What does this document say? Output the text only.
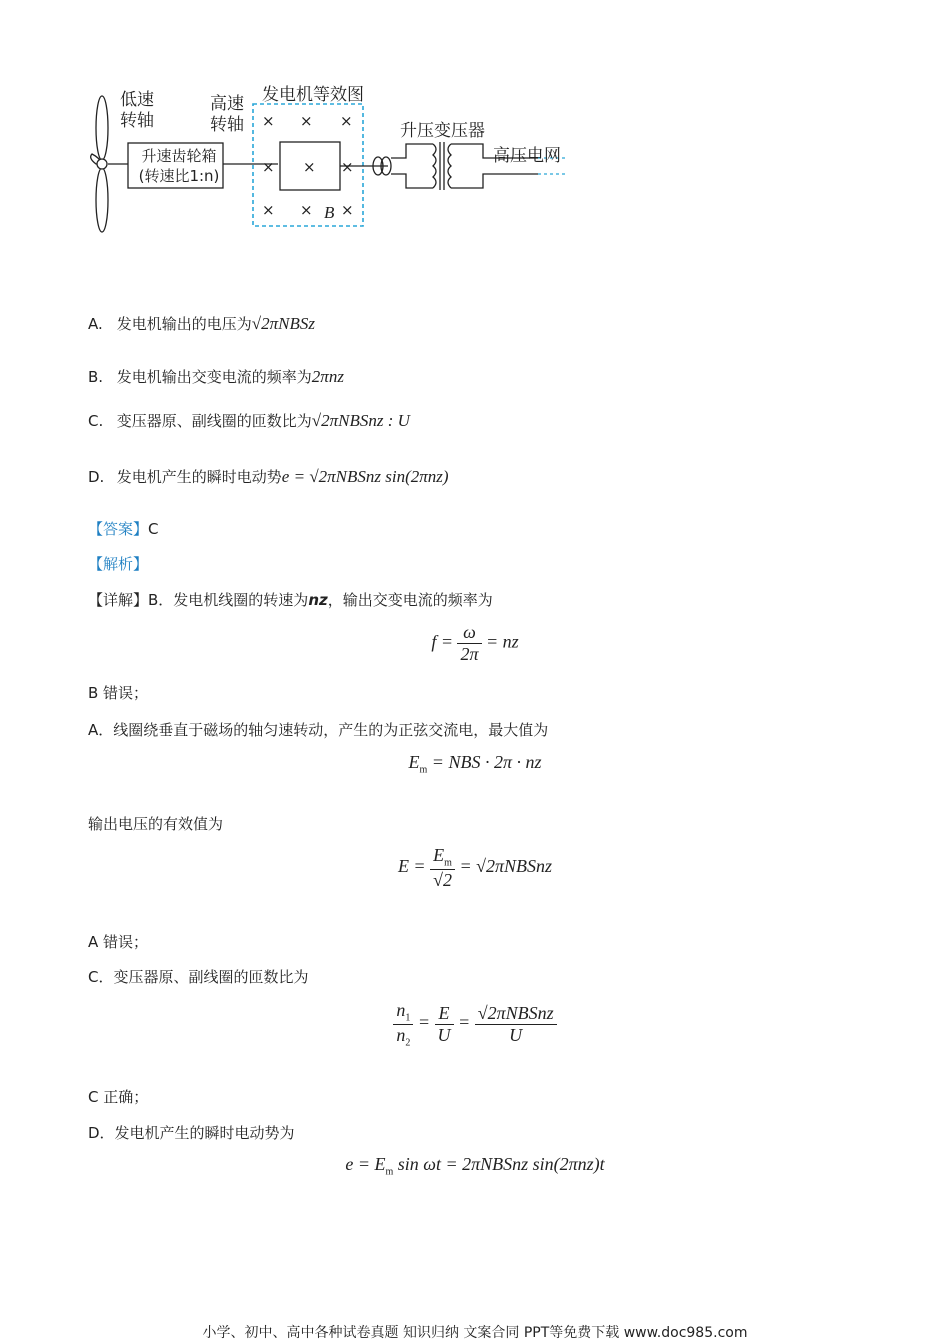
× × ×
× × ×
× × ×
低速
转轴
高速
转轴
升速齿轮箱
(转速比1:n)
发电机等效图
升压变压器
高压电网
B
A. 发电机输出的电压为√2πNBSz
B. 发电机输出交变电流的频率为2πnz
C. 变压器原、副线圈的匝数比为√2πNBSnz : U
D. 发电机产生的瞬时电动势e = √2πNBSnz sin(2πnz)
【答案】C
【解析】
【详解】B．发电机线圈的转速为nz，输出交变电流的频率为
$f = \frac{\omega}{2\pi}$ = nz
B 错误；
A．线圈绕垂直于磁场的轴匀速转动，产生的为正弦交流电，最大值为
$E_m$ = NBS · 2π · nz
输出电压的有效值为
$E = \frac{E_m}{√2}$ = √2πNBSnz
A 错误；
C．变压器原、副线圈的匝数比为
$\frac{n_1}{n_2} = \frac{E}{U} = \frac{\text{√2πNBSnz}}{U}$
C 正确；
D．发电机产生的瞬时电动势为
$e = E_m$ sin ωt = 2πNBSnz sin(2πnz)t
小学、初中、高中各种试卷真题 知识归纳 文案合同 PPT等免费下载 www.doc985.com
